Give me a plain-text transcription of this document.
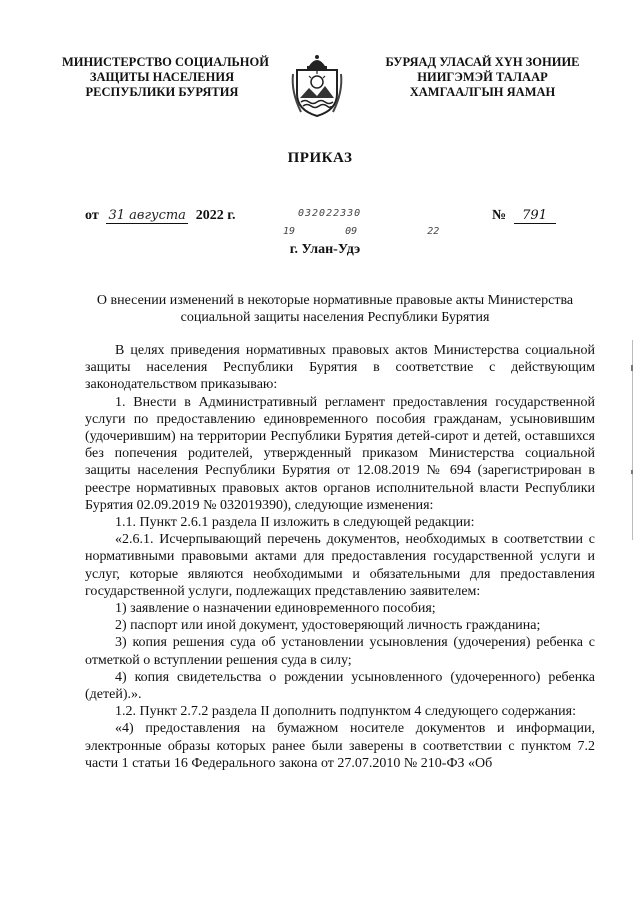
МИНИСТЕРСТВО СОЦИАЛЬНОЙ
ЗАЩИТЫ НАСЕЛЕНИЯ
РЕСПУБЛИКИ БУРЯТИЯ
БУРЯАД УЛАСАЙ ХYН ЗОНИИЕ
НИИГЭМЭЙ ТАЛААР
ХАМГААЛГЫН ЯАМАН
ПРИКАЗ
от 31 августа 2022 г.	032022330
19	09	22
№ 791
г. Улан-Удэ
О внесении изменений в некоторые нормативные правовые акты Министерства социальной защиты населения Республики Бурятия

В целях приведения нормативных правовых актов Министерства социальной защиты населения Республики Бурятия в соответствие с действующим законодательством приказываю:

1. Внести в Административный регламент предоставления государственной услуги по предоставлению единовременного пособия гражданам, усыновившим (удочерившим) на территории Республики Бурятия детей-сирот и детей, оставшихся без попечения родителей, утвержденный приказом Министерства социальной защиты населения Республики Бурятия от 12.08.2019 № 694 (зарегистрирован в реестре нормативных правовых актов органов исполнительной власти Республики Бурятия 02.09.2019 № 032019390), следующие изменения:

1.1. Пункт 2.6.1 раздела II изложить в следующей редакции:

«2.6.1. Исчерпывающий перечень документов, необходимых в соответствии с нормативными правовыми актами для предоставления государственной услуги и услуг, которые являются необходимыми и обязательными для предоставления государственной услуги, подлежащих представлению заявителем:

1) заявление о назначении единовременного пособия;

2) паспорт или иной документ, удостоверяющий личность гражданина;

3) копия решения суда об установлении усыновления (удочерения) ребенка с отметкой о вступлении решения суда в силу;

4) копия свидетельства о рождении усыновленного (удочеренного) ребенка (детей).».

1.2. Пункт 2.7.2 раздела II дополнить подпунктом 4 следующего содержания:

«4) предоставления на бумажном носителе документов и информации, электронные образы которых ранее были заверены в соответствии с пунктом 7.2 части 1 статьи 16 Федерального закона от 27.07.2010 № 210-ФЗ «Об
